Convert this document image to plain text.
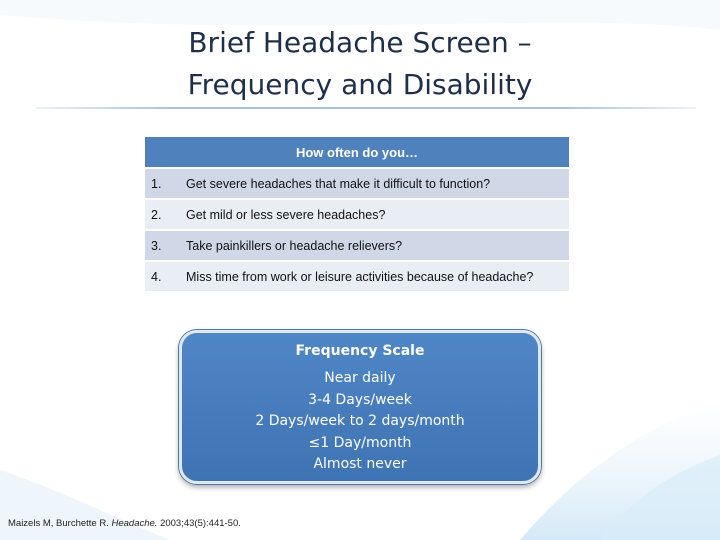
Brief Headache Screen –
Frequency and Disability
How often do you…	
1.	Get severe headaches that make it difficult to function?
2.	Get mild or less severe headaches?
3.	Take painkillers or headache relievers?
4.	Miss time from work or leisure activities because of headache?
Frequency Scale
Near daily
3-4 Days/week
2 Days/week to 2 days/month
≤1 Day/month
Almost never
Maizels M, Burchette R. Headache. 2003;43(5):441-50.
